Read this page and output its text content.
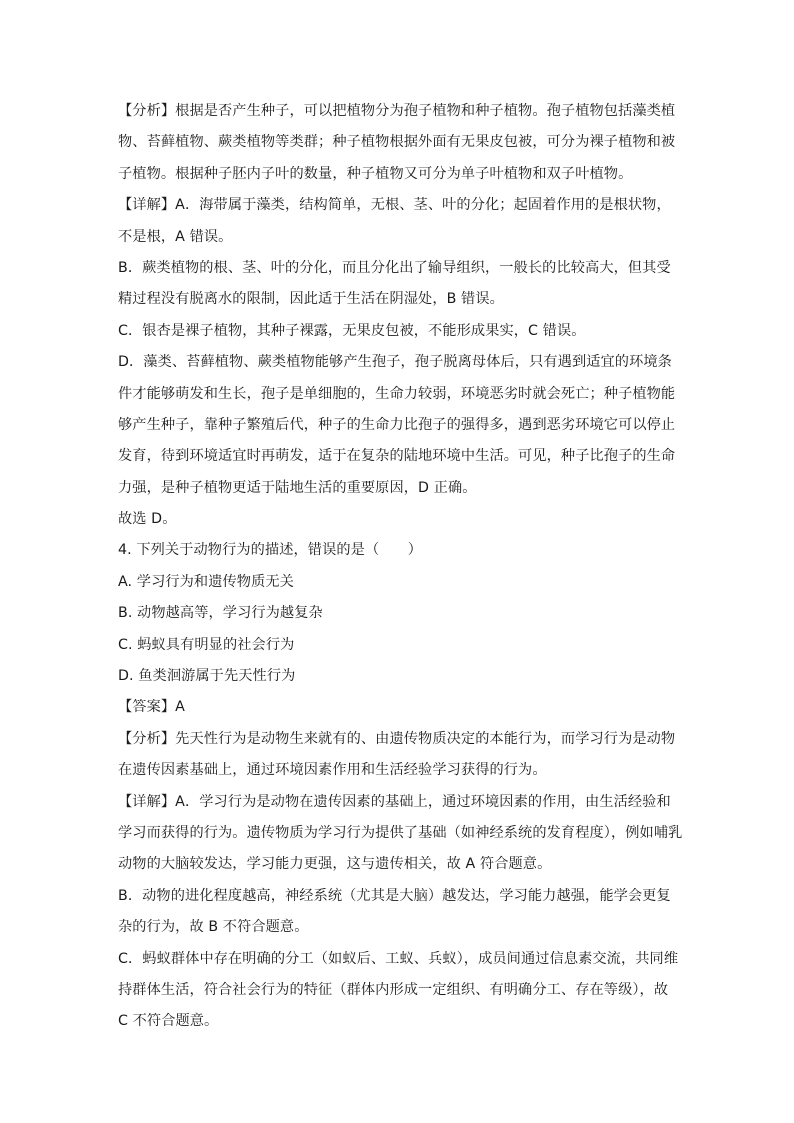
【分析】根据是否产生种子，可以把植物分为孢子植物和种子植物。孢子植物包括藻类植
物、苔藓植物、蕨类植物等类群；种子植物根据外面有无果皮包被，可分为裸子植物和被
子植物。根据种子胚内子叶的数量，种子植物又可分为单子叶植物和双子叶植物。
【详解】A．海带属于藻类，结构简单，无根、茎、叶的分化；起固着作用的是根状物，
不是根，A 错误。
B．蕨类植物的根、茎、叶的分化，而且分化出了输导组织，一般长的比较高大，但其受
精过程没有脱离水的限制，因此适于生活在阴湿处，B 错误。
C．银杏是裸子植物，其种子裸露，无果皮包被，不能形成果实，C 错误。
D．藻类、苔藓植物、蕨类植物能够产生孢子，孢子脱离母体后，只有遇到适宜的环境条
件才能够萌发和生长，孢子是单细胞的，生命力较弱，环境恶劣时就会死亡；种子植物能
够产生种子，靠种子繁殖后代，种子的生命力比孢子的强得多，遇到恶劣环境它可以停止
发育，待到环境适宜时再萌发，适于在复杂的陆地环境中生活。可见，种子比孢子的生命
力强，是种子植物更适于陆地生活的重要原因，D 正确。
故选 D。
4. 下列关于动物行为的描述，错误的是（　　）
A. 学习行为和遗传物质无关
B. 动物越高等，学习行为越复杂
C. 蚂蚁具有明显的社会行为
D. 鱼类洄游属于先天性行为
【答案】A
【分析】先天性行为是动物生来就有的、由遗传物质决定的本能行为，而学习行为是动物
在遗传因素基础上，通过环境因素作用和生活经验学习获得的行为。
【详解】A．学习行为是动物在遗传因素的基础上，通过环境因素的作用，由生活经验和
学习而获得的行为。遗传物质为学习行为提供了基础（如神经系统的发育程度），例如哺乳
动物的大脑较发达，学习能力更强，这与遗传相关，故 A 符合题意。
B．动物的进化程度越高，神经系统（尤其是大脑）越发达，学习能力越强，能学会更复
杂的行为，故 B 不符合题意。
C．蚂蚁群体中存在明确的分工（如蚁后、工蚁、兵蚁），成员间通过信息素交流，共同维
持群体生活，符合社会行为的特征（群体内形成一定组织、有明确分工、存在等级），故
C 不符合题意。
